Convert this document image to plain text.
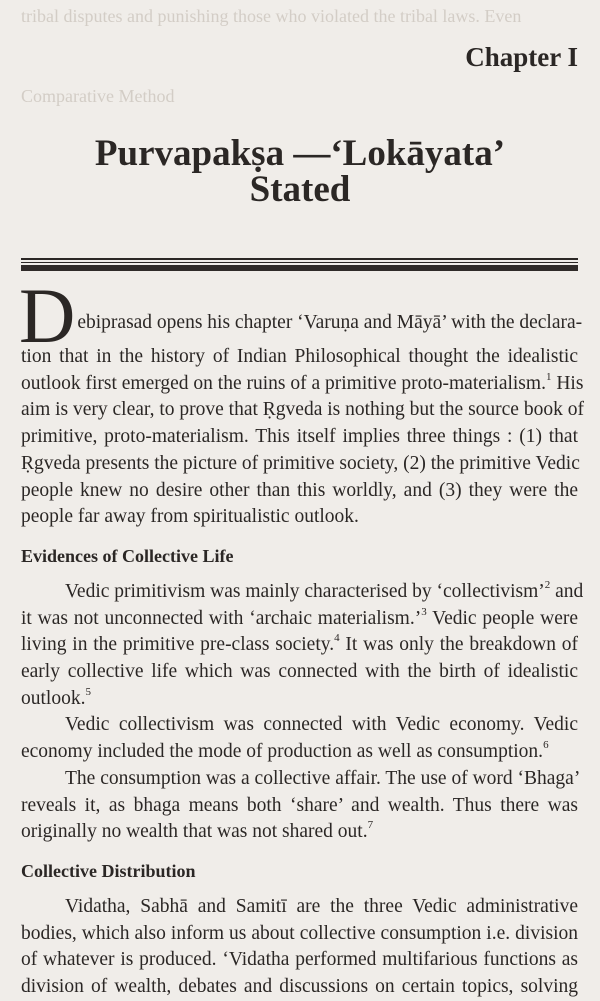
tribal disputes and punishing those who violated the tribal laws. Even
Comparative Method
Chapter I
Purvapakṣa —‘Lokāyata’
Stated
D ebiprasad opens his chapter ‘Varuṇa and Māyā’ with the declara-
tion that in the history of Indian Philosophical thought the idealistic
outlook first emerged on the ruins of a primitive proto-materialism.$^1$ His
aim is very clear, to prove that Ṛgveda is nothing but the source book of
primitive, proto-materialism. This itself implies three things : (1) that
Ṛgveda presents the picture of primitive society, (2) the primitive Vedic
people knew no desire other than this worldly, and (3) they were the
people far away from spiritualistic outlook.
Evidences of Collective Life
Vedic primitivism was mainly characterised by ‘collectivism’$^2$ and
it was not unconnected with ‘archaic materialism.’$^3$ Vedic people were
living in the primitive pre-class society.$^4$ It was only the breakdown of
early collective life which was connected with the birth of idealistic
outlook.$^5$
Vedic collectivism was connected with Vedic economy. Vedic
economy included the mode of production as well as consumption.$^6$
The consumption was a collective affair. The use of word ‘Bhaga’
reveals it, as bhaga means both ‘share’ and wealth. Thus there was
originally no wealth that was not shared out.$^7$
Collective Distribution
Vidatha, Sabhā and Samitī are the three Vedic administrative
bodies, which also inform us about collective consumption i.e. division
of whatever is produced. ‘Vidatha performed multifarious functions as
division of wealth, debates and discussions on certain topics, solving
